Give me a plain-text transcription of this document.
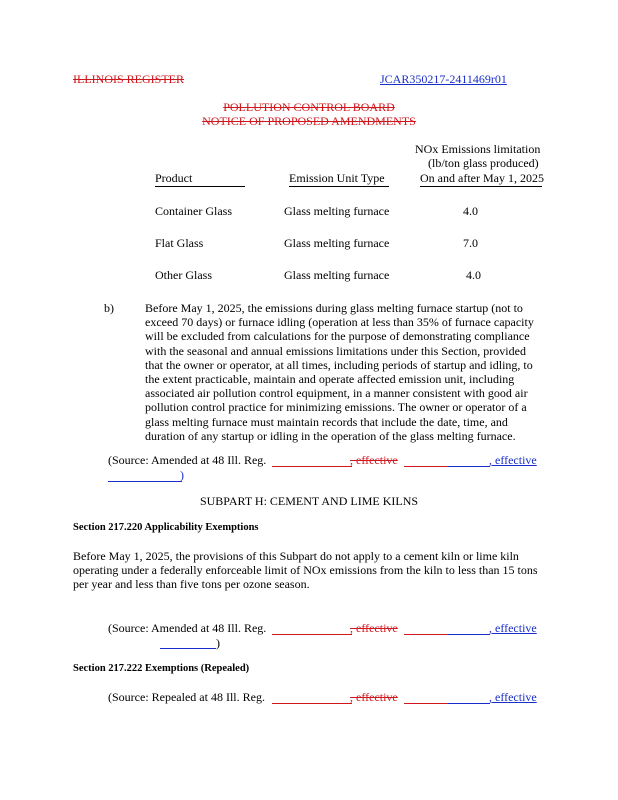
ILLINOIS REGISTER	JCAR350217-2411469r01
POLLUTION CONTROL BOARD
NOTICE OF PROPOSED AMENDMENTS
NOx Emissions limitation
(lb/ton glass produced)
Product	Emission Unit Type	On and after May 1, 2025
Container Glass	Glass melting furnace	4.0
Flat Glass	Glass melting furnace	7.0
Other Glass	Glass melting furnace	4.0
b)	Before May 1, 2025, the emissions during glass melting furnace startup (not to
exceed 70 days) or furnace idling (operation at less than 35% of furnace capacity
will be excluded from calculations for the purpose of demonstrating compliance
with the seasonal and annual emissions limitations under this Section, provided
that the owner or operator, at all times, including periods of startup and idling, to
the extent practicable, maintain and operate affected emission unit, including
associated air pollution control equipment, in a manner consistent with good air
pollution control practice for minimizing emissions. The owner or operator of a
glass melting furnace must maintain records that include the date, time, and
duration of any startup or idling in the operation of the glass melting furnace.
(Source: Amended at 48 Ill. Reg.	, effective	, effective
)
SUBPART H: CEMENT AND LIME KILNS
Section 217.220 Applicability Exemptions
Before May 1, 2025, the provisions of this Subpart do not apply to a cement kiln or lime kiln
operating under a federally enforceable limit of NOx emissions from the kiln to less than 15 tons
per year and less than five tons per ozone season.
(Source: Amended at 48 Ill. Reg.	, effective	, effective
)
Section 217.222 Exemptions (Repealed)
(Source: Repealed at 48 Ill. Reg.	, effective	, effective
